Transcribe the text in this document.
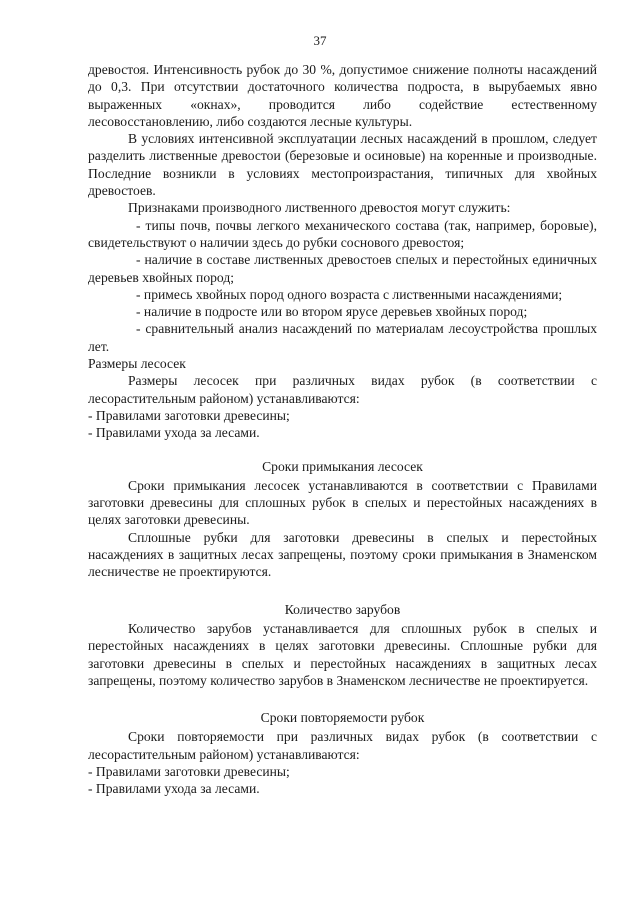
37

древостоя. Интенсивность рубок до 30 %, допустимое снижение полноты насаждений до 0,3. При отсутствии достаточного количества подроста, в вырубаемых явно выраженных «окнах», проводится либо содействие естественному лесовосстановлению, либо создаются лесные культуры.

В условиях интенсивной эксплуатации лесных насаждений в прошлом, следует разделить лиственные древостои (березовые и осиновые) на коренные и производные. Последние возникли в условиях местопроизрастания, типичных для хвойных древостоев.

Признаками производного лиственного древостоя могут служить:

- типы почв, почвы легкого механического состава (так, например, боровые), свидетельствуют о наличии здесь до рубки соснового древостоя;

- наличие в составе лиственных древостоев спелых и перестойных единичных деревьев хвойных пород;

- примесь хвойных пород одного возраста с лиственными насаждениями;

- наличие в подросте или во втором ярусе деревьев хвойных пород;

- сравнительный анализ насаждений по материалам лесоустройства прошлых лет.

Размеры лесосек

Размеры лесосек при различных видах рубок (в соответствии с лесорастительным районом) устанавливаются:

- Правилами заготовки древесины;

- Правилами ухода за лесами.

Сроки примыкания лесосек

Сроки примыкания лесосек устанавливаются в соответствии с Правилами заготовки древесины для сплошных рубок в спелых и перестойных насаждениях в целях заготовки древесины.

Сплошные рубки для заготовки древесины в спелых и перестойных насаждениях в защитных лесах запрещены, поэтому сроки примыкания в Знаменском лесничестве не проектируются.

Количество зарубов

Количество зарубов устанавливается для сплошных рубок в спелых и перестойных насаждениях в целях заготовки древесины. Сплошные рубки для заготовки древесины в спелых и перестойных насаждениях в защитных лесах запрещены, поэтому количество зарубов в Знаменском лесничестве не проектируется.

Сроки повторяемости рубок

Сроки повторяемости при различных видах рубок (в соответствии с лесорастительным районом) устанавливаются:

- Правилами заготовки древесины;

- Правилами ухода за лесами.
